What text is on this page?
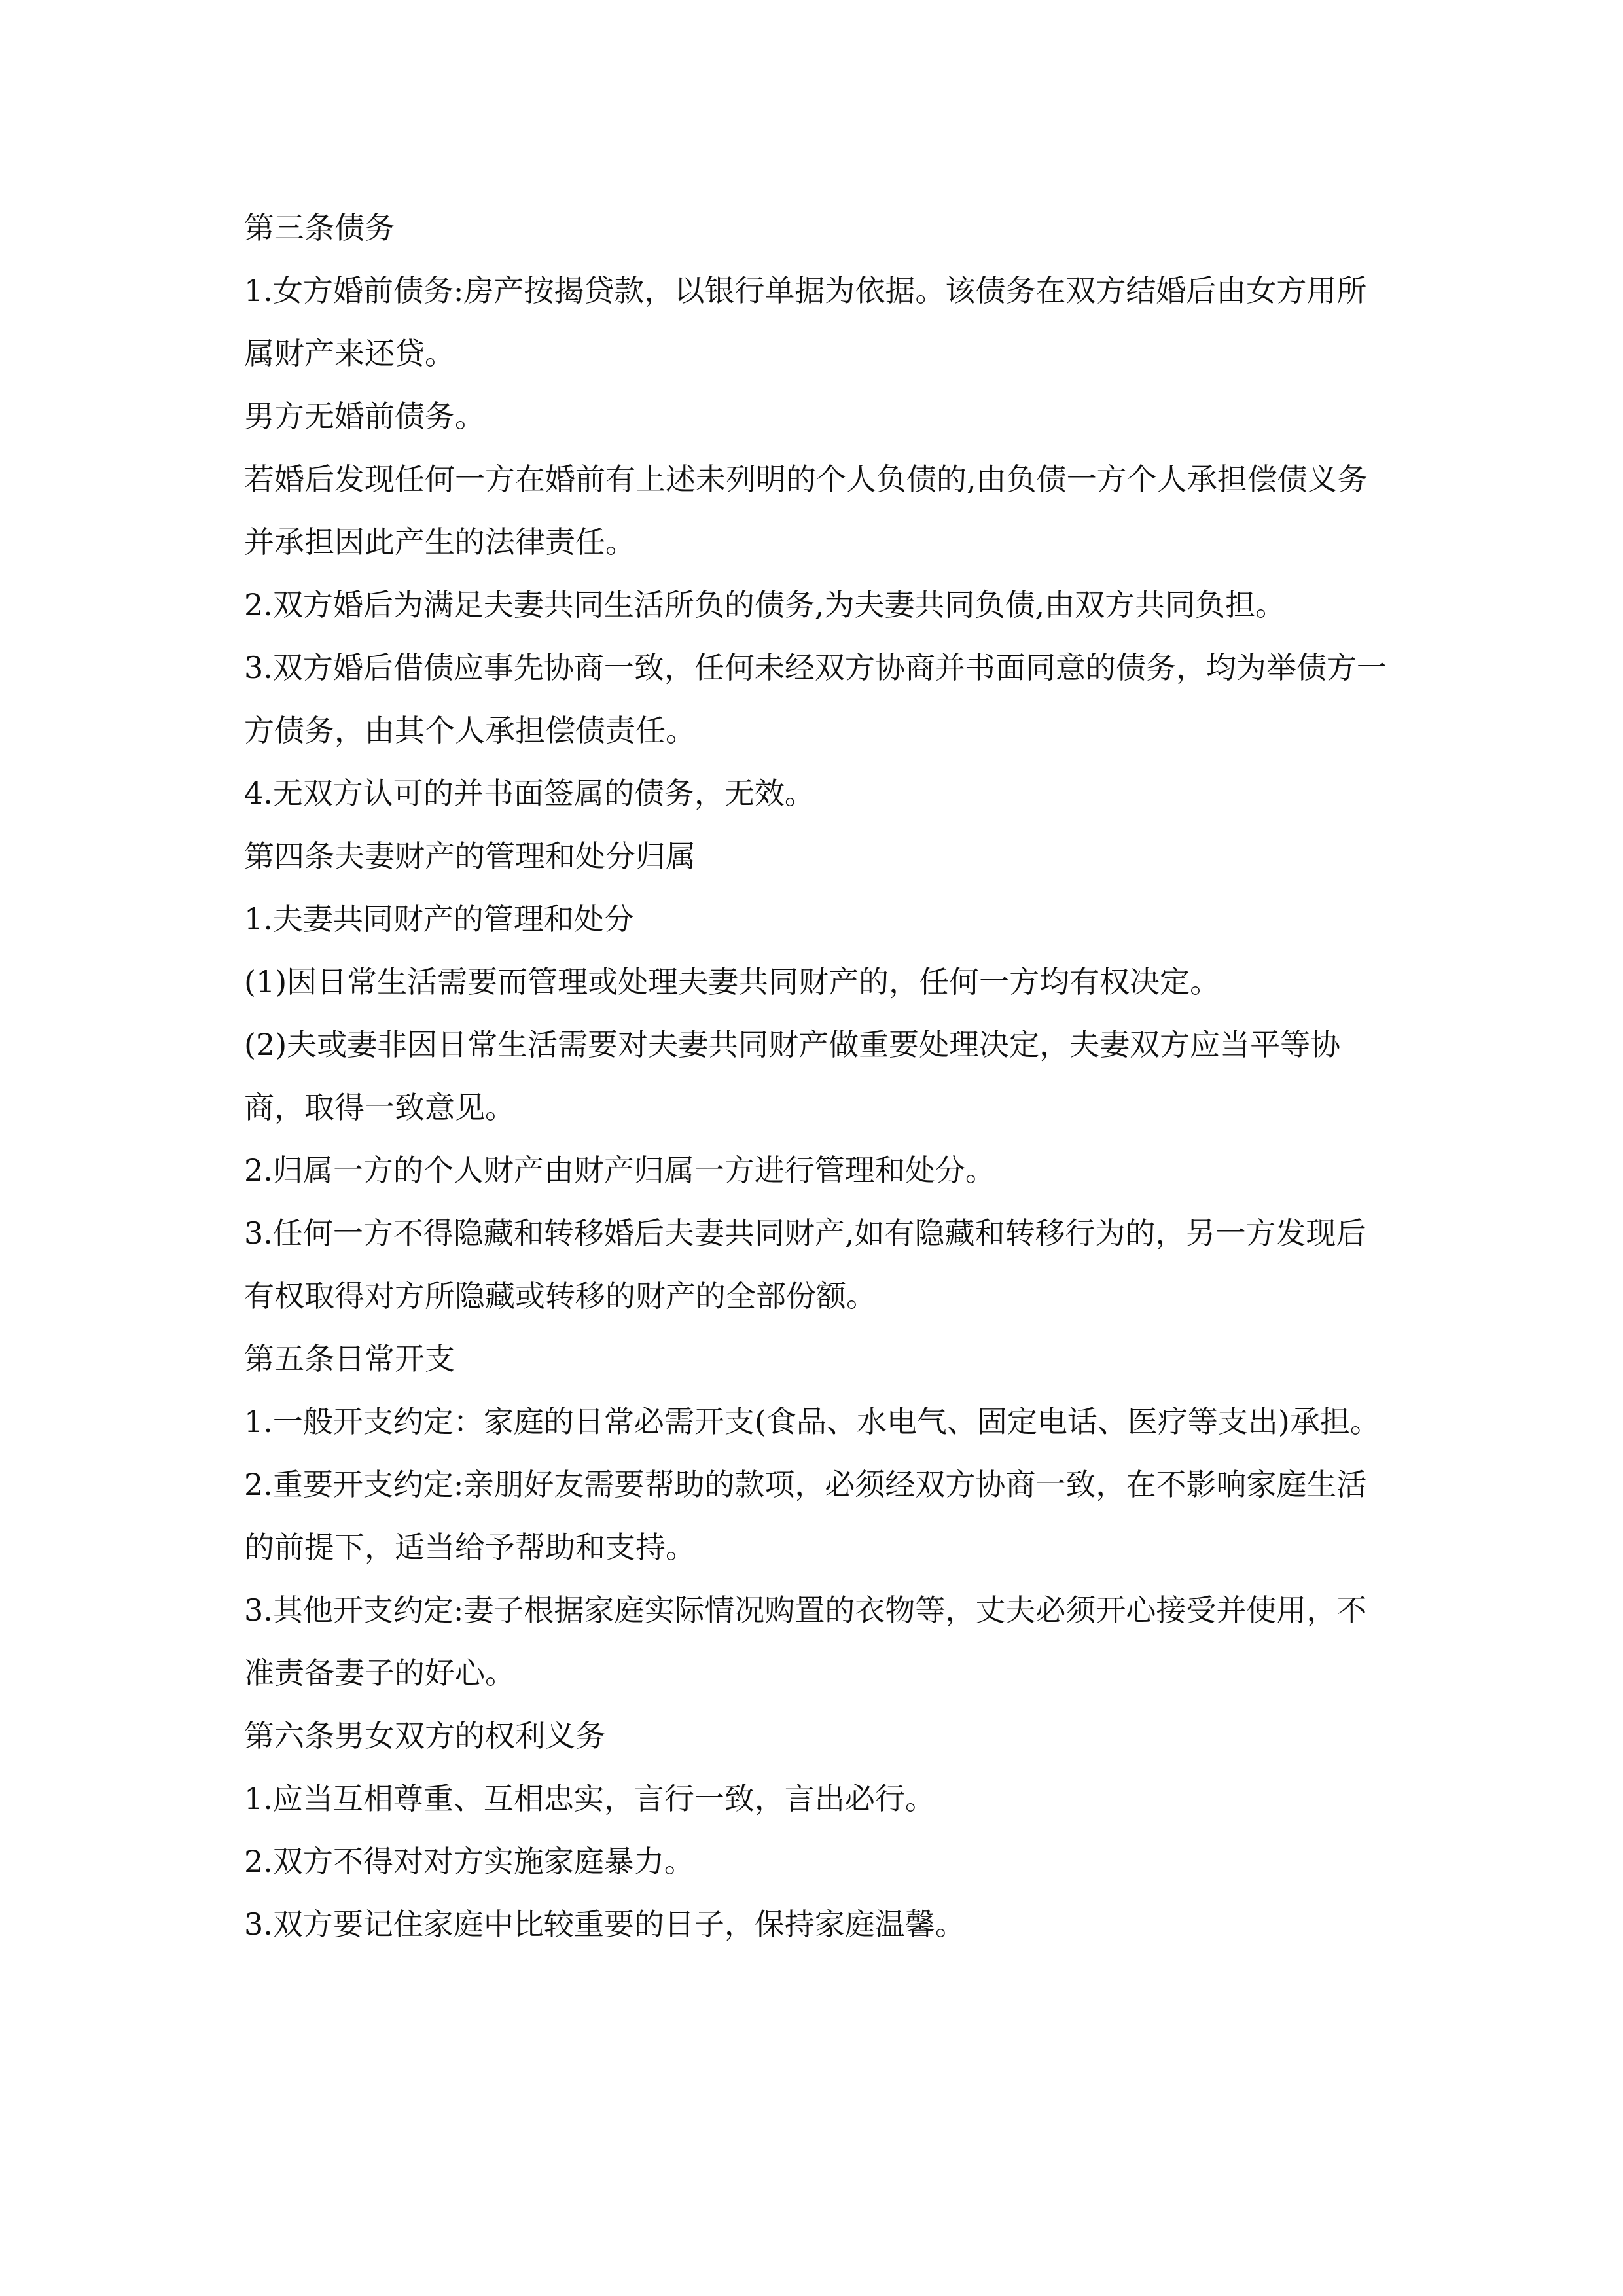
第三条债务

1.女方婚前债务:房产按揭贷款，以银行单据为依据。该债务在双方结婚后由女方用所属财产来还贷。

男方无婚前债务。

若婚后发现任何一方在婚前有上述未列明的个人负债的,由负债一方个人承担偿债义务并承担因此产生的法律责任。

2.双方婚后为满足夫妻共同生活所负的债务,为夫妻共同负债,由双方共同负担。

3.双方婚后借债应事先协商一致，任何未经双方协商并书面同意的债务，均为举债方一方债务，由其个人承担偿债责任。

4.无双方认可的并书面签属的债务，无效。

第四条夫妻财产的管理和处分归属

1.夫妻共同财产的管理和处分

(1)因日常生活需要而管理或处理夫妻共同财产的，任何一方均有权决定。

(2)夫或妻非因日常生活需要对夫妻共同财产做重要处理决定，夫妻双方应当平等协商，取得一致意见。

2.归属一方的个人财产由财产归属一方进行管理和处分。

3.任何一方不得隐藏和转移婚后夫妻共同财产,如有隐藏和转移行为的，另一方发现后有权取得对方所隐藏或转移的财产的全部份额。

第五条日常开支

1.一般开支约定：家庭的日常必需开支(食品、水电气、固定电话、医疗等支出)承担。

2.重要开支约定:亲朋好友需要帮助的款项，必须经双方协商一致，在不影响家庭生活的前提下，适当给予帮助和支持。

3.其他开支约定:妻子根据家庭实际情况购置的衣物等，丈夫必须开心接受并使用，不准责备妻子的好心。

第六条男女双方的权利义务

1.应当互相尊重、互相忠实，言行一致，言出必行。

2.双方不得对对方实施家庭暴力。

3.双方要记住家庭中比较重要的日子，保持家庭温馨。
